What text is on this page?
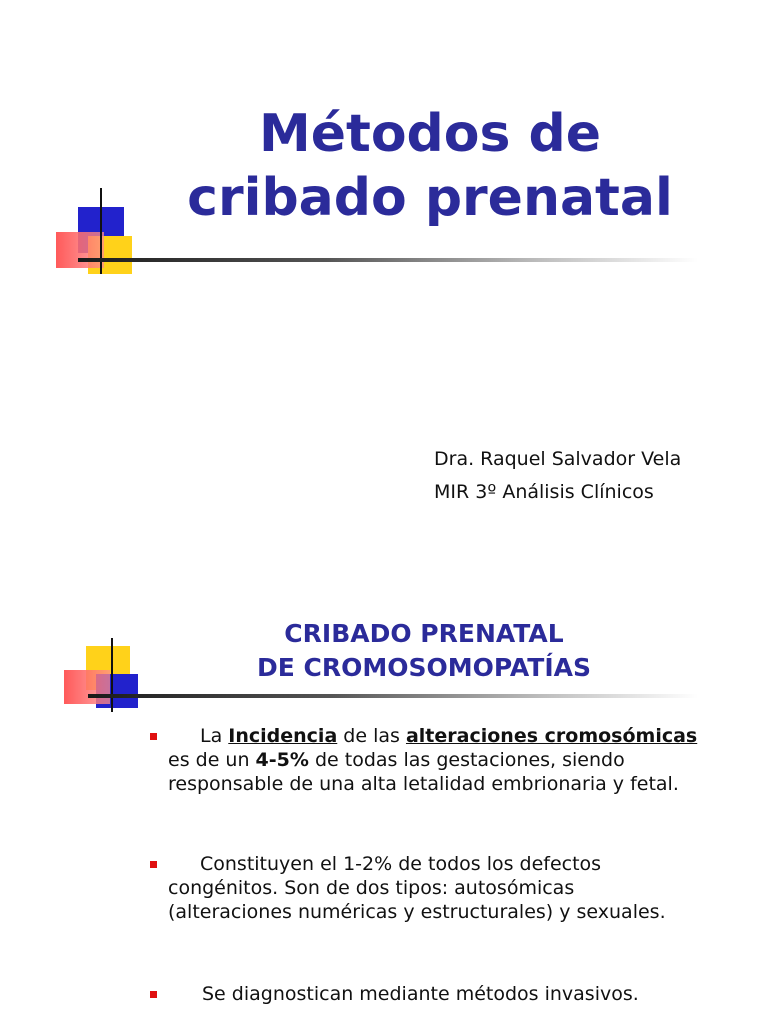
Métodos de
cribado prenatal
Dra. Raquel Salvador Vela
MIR 3º Análisis Clínicos
CRIBADO PRENATAL
DE CROMOSOMOPATÍAS
La Incidencia de las alteraciones cromosómicas es de un 4-5% de todas las gestaciones, siendo responsable de una alta letalidad embrionaria y fetal.
Constituyen el 1-2% de todos los defectos congénitos. Son de dos tipos: autosómicas (alteraciones numéricas y estructurales) y sexuales.
Se diagnostican mediante métodos invasivos.
